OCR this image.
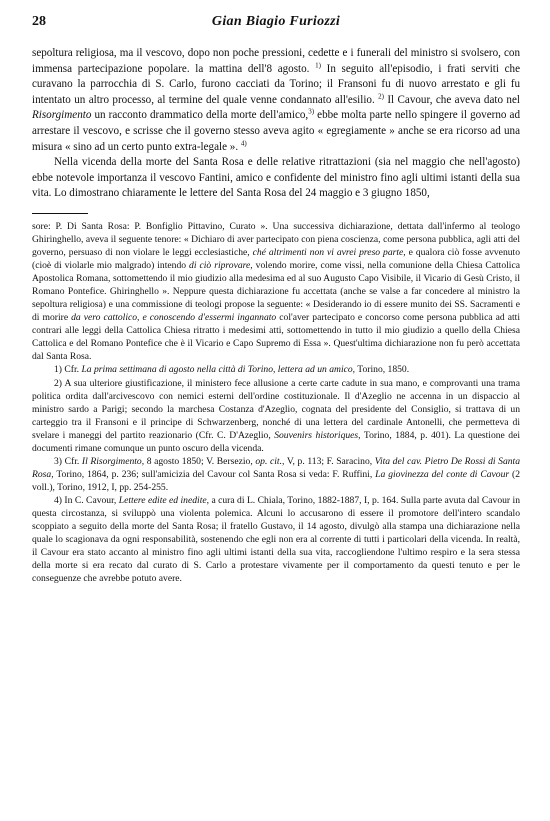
28	Gian Biagio Furiozzi

sepoltura religiosa, ma il vescovo, dopo non poche pressioni, cedette e i funerali del ministro si svolsero, con immensa partecipazione popolare. la mattina dell'8 agosto. $^{1)}$ In seguito all'episodio, i frati serviti che curavano la parrocchia di S. Carlo, furono cacciati da Torino; il Fransoni fu di nuovo arrestato e gli fu intentato un altro processo, al termine del quale venne condannato all'esilio. $^{2)}$ Il Cavour, che aveva dato nel Risorgimento un racconto drammatico della morte dell'amico,$^{3)}$ ebbe molta parte nello spingere il governo ad arrestare il vescovo, e scrisse che il governo stesso aveva agito « egregiamente » anche se era ricorso ad una misura « sino ad un certo punto extra-legale ». $^{4)}$

Nella vicenda della morte del Santa Rosa e delle relative ritrattazioni (sia nel maggio che nell'agosto) ebbe notevole importanza il vescovo Fantini, amico e confidente del ministro fino agli ultimi istanti della sua vita. Lo dimostrano chiaramente le lettere del Santa Rosa del 24 maggio e 3 giugno 1850,

sore: P. Di Santa Rosa: P. Bonfiglio Pittavino, Curato ». Una successiva dichiarazione, dettata dall'infermo al teologo Ghiringhello, aveva il seguente tenore: « Dichiaro di aver partecipato con piena coscienza, come persona pubblica, agli atti del governo, persuaso di non violare le leggi ecclesiastiche, ché altrimenti non vi avrei preso parte, e qualora ciò fosse avvenuto (cioè di violarle mio malgrado) intendo di ciò riprovare, volendo morire, come vissi, nella comunione della Chiesa Cattolica Apostolica Romana, sottomettendo il mio giudizio alla medesima ed al suo Augusto Capo Visibile, il Vicario di Gesù Cristo, il Romano Pontefice. Ghiringhello ». Neppure questa dichiarazione fu accettata (anche se valse a far concedere al ministro la sepoltura religiosa) e una commissione di teologi propose la seguente: « Desiderando io di essere munito dei SS. Sacramenti e di morire da vero cattolico, e conoscendo d'essermi ingannato col'aver partecipato e concorso come persona pubblica ad atti contrari alle leggi della Cattolica Chiesa ritratto i medesimi atti, sottomettendo in tutto il mio giudizio a quello della Chiesa Cattolica e del Romano Pontefice che è il Vicario e Capo Supremo di Essa ». Quest'ultima dichiarazione non fu però accettata dal Santa Rosa.

1) Cfr. La prima settimana di agosto nella città di Torino, lettera ad un amico, Torino, 1850.

2) A sua ulteriore giustificazione, il ministero fece allusione a certe carte cadute in sua mano, e comprovanti una trama politica ordita dall'arcivescovo con nemici esterni dell'ordine costituzionale. Il d'Azeglio ne accenna in un dispaccio al ministro sardo a Parigi; secondo la marchesa Costanza d'Azeglio, cognata del presidente del Consiglio, si trattava di un carteggio tra il Fransoni e il principe di Schwarzenberg, nonché di una lettera del cardinale Antonelli, che permetteva di svelare i maneggi del partito reazionario (Cfr. C. D'Azeglio, Souvenirs historiques, Torino, 1884, p. 401). La questione dei documenti rimane comunque un punto oscuro della vicenda.

3) Cfr. Il Risorgimento, 8 agosto 1850; V. Bersezio, op. cit., V, p. 113; F. Saracino, Vita del cav. Pietro De Rossi di Santa Rosa, Torino, 1864, p. 236; sull'amicizia del Cavour col Santa Rosa si veda: F. Ruffini, La giovinezza del conte di Cavour (2 voll.), Torino, 1912, I, pp. 254-255.

4) In C. Cavour, Lettere edite ed inedite, a cura di L. Chiala, Torino, 1882-1887, I, p. 164. Sulla parte avuta dal Cavour in questa circostanza, si sviluppò una violenta polemica. Alcuni lo accusarono di essere il promotore dell'intero scandalo scoppiato a seguito della morte del Santa Rosa; il fratello Gustavo, il 14 agosto, divulgò alla stampa una dichiarazione nella quale lo scagionava da ogni responsabilità, sostenendo che egli non era al corrente di tutti i particolari della vicenda. In realtà, il Cavour era stato accanto al ministro fino agli ultimi istanti della sua vita, raccogliendone l'ultimo respiro e la sera stessa della morte si era recato dal curato di S. Carlo a protestare vivamente per il comportamento da questi tenuto e per le conseguenze che avrebbe potuto avere.
